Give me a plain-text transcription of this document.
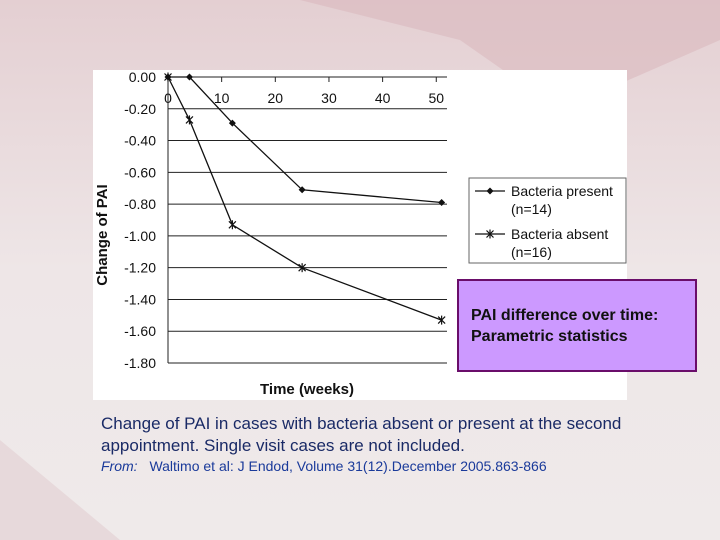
0.00
-0.20
-0.40
-0.60
-0.80
-1.00
-1.20
-1.40
-1.60
-1.80
0	10	20	30	40	50
Change of PAI
Time (weeks)
Bacteria present
(n=14)
Bacteria absent
(n=16)
PAI difference over time:
Parametric statistics
Change of PAI in cases with bacteria absent or present at the second appointment. Single visit cases are not included.
From: Waltimo et al: J Endod, Volume 31(12).December 2005.863-866
